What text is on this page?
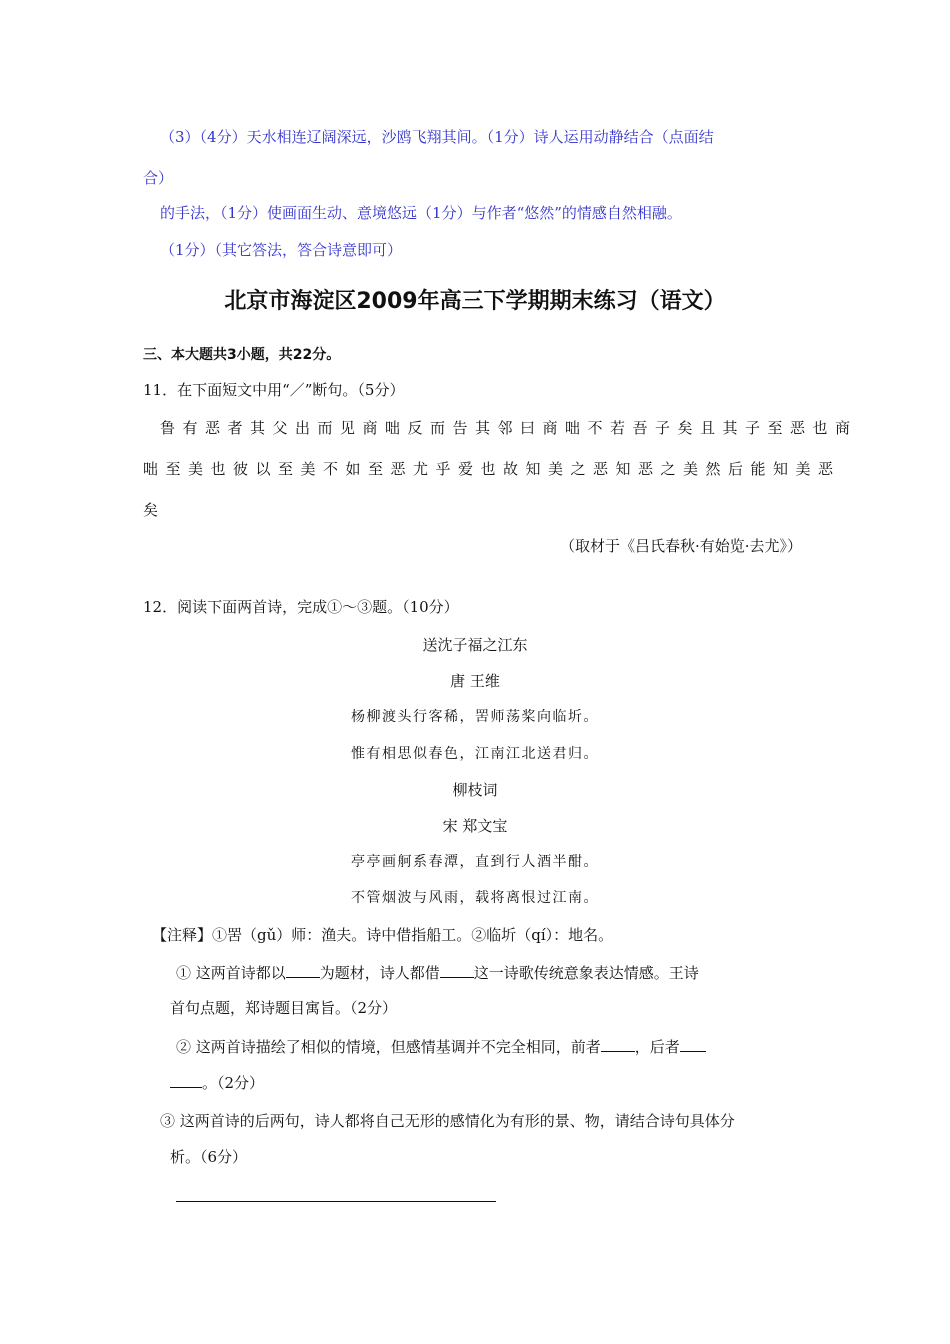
（3）（4分）天水相连辽阔深远，沙鸥飞翔其间。（1分）诗人运用动静结合（点面结
合）
的手法，（1分）使画面生动、意境悠远（1分）与作者“悠然”的情感自然相融。
（1分）（其它答法，答合诗意即可）
北京市海淀区2009年高三下学期期末练习（语文）
三、本大题共3小题，共22分。
11．在下面短文中用“／”断句。（5分）
鲁有恶者其父出而见商咄反而告其邻曰商咄不若吾子矣且其子至恶也商
咄至美也彼以至美不如至恶尤乎爱也故知美之恶知恶之美然后能知美恶
矣
（取材于《吕氏春秋·有始览·去尤》）
12．阅读下面两首诗，完成①～③题。（10分）
送沈子福之江东
唐 王维
杨柳渡头行客稀，罟师荡桨向临圻。
惟有相思似春色，江南江北送君归。
柳枝词
宋 郑文宝
亭亭画舸系春潭，直到行人酒半酣。
不管烟波与风雨，载将离恨过江南。
【注释】①罟（gǔ）师：渔夫。诗中借指船工。②临圻（qí）：地名。
① 这两首诗都以 为题材，诗人都借 这一诗歌传统意象表达情感。王诗
首句点题，郑诗题目寓旨。（2分）
② 这两首诗描绘了相似的情境，但感情基调并不完全相同，前者 ，后者
。（2分）
③ 这两首诗的后两句，诗人都将自己无形的感情化为有形的景、物，请结合诗句具体分
析。（6分）
